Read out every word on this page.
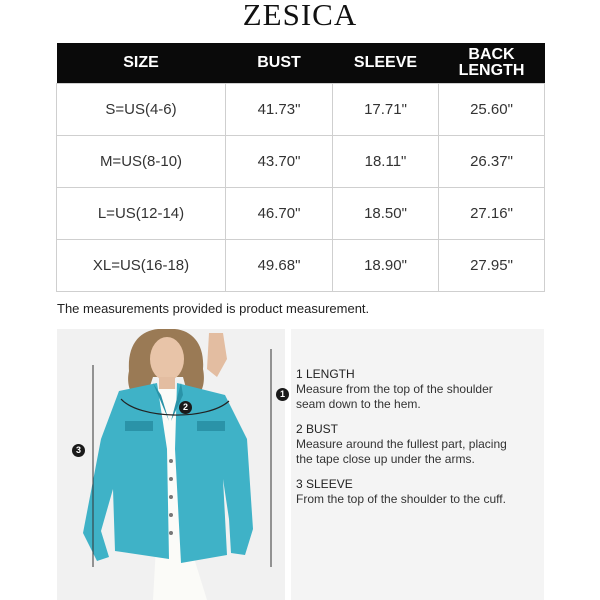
ZESICA
SIZE	BUST	SLEEVE	BACK
LENGTH
S=US(4-6)	41.73"	17.71"	25.60"
M=US(8-10)	43.70"	18.11"	26.37"
L=US(12-14)	46.70"	18.50"	27.16"
XL=US(16-18)	49.68"	18.90"	27.95"
The measurements provided is product measurement.
1
2
3
1 LENGTH
Measure from the top of the shoulder
seam down to the hem.
2 BUST
Measure around the fullest part, placing
the tape close up under the arms.
3 SLEEVE
From the top of the shoulder to the cuff.
